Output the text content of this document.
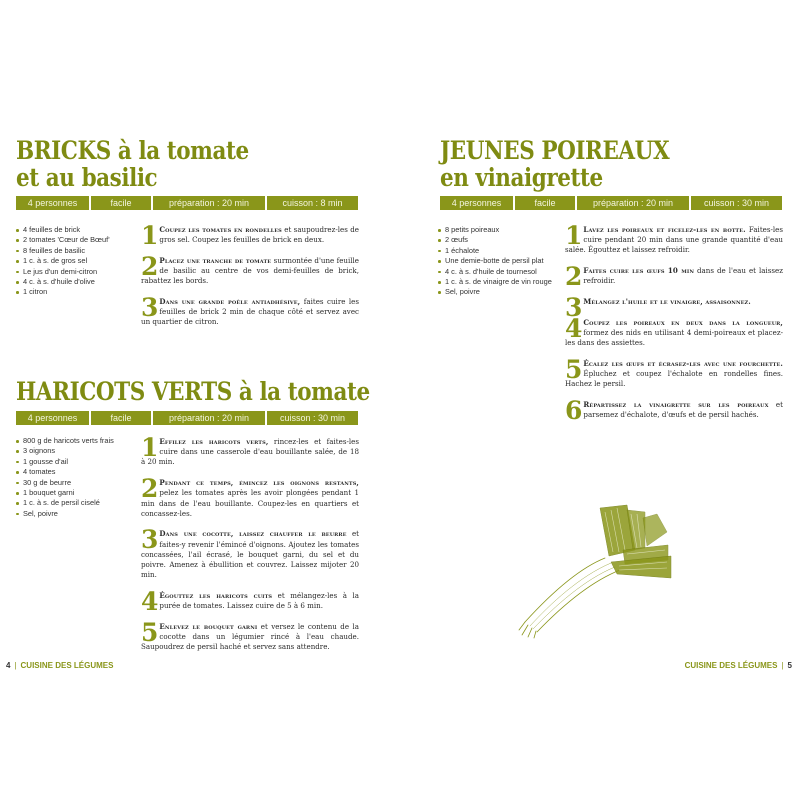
BRICKS à la tomate
et au basilic
4 personnes	facile	préparation : 20 min	cuisson : 8 min
4 feuilles de brick
2 tomates 'Cœur de Bœuf'
8 feuilles de basilic
1 c. à s. de gros sel
Le jus d'un demi-citron
4 c. à s. d'huile d'olive
1 citron
1 Coupez les tomates en rondelles et saupoudrez-les de gros sel. Coupez les feuilles de brick en deux.
2 Placez une tranche de tomate surmontée d'une feuille de basilic au centre de vos demi-feuilles de brick, rabattez les bords.
3 Dans une grande poêle antiadhésive, faites cuire les feuilles de brick 2 min de chaque côté et servez avec un quartier de citron.
HARICOTS VERTS à la tomate
4 personnes	facile	préparation : 20 min	cuisson : 30 min
800 g de haricots verts frais
3 oignons
1 gousse d'ail
4 tomates
30 g de beurre
1 bouquet garni
1 c. à s. de persil ciselé
Sel, poivre
1 Effilez les haricots verts, rincez-les et faites-les cuire dans une casserole d'eau bouillante salée, de 18 à 20 min.
2 Pendant ce temps, émincez les oignons restants, pelez les tomates après les avoir plongées pendant 1 min dans de l'eau bouillante. Coupez-les en quartiers et concassez-les.
3 Dans une cocotte, laissez chauffer le beurre et faites-y revenir l'émincé d'oignons. Ajoutez les tomates concassées, l'ail écrasé, le bouquet garni, du sel et du poivre. Amenez à ébullition et couvrez. Laissez mijoter 20 min.
4 Égouttez les haricots cuits et mélangez-les à la purée de tomates. Laissez cuire de 5 à 6 min.
5 Enlevez le bouquet garni et versez le contenu de la cocotte dans un légumier rincé à l'eau chaude. Saupoudrez de persil haché et servez sans attendre.
4 | CUISINE DES LÉGUMES
JEUNES POIREAUX
en vinaigrette
4 personnes	facile	préparation : 20 min	cuisson : 30 min
8 petits poireaux
2 œufs
1 échalote
Une demie-botte de persil plat
4 c. à s. d'huile de tournesol
1 c. à s. de vinaigre de vin rouge
Sel, poivre
1 Lavez les poireaux et ficelez-les en botte. Faites-les cuire pendant 20 min dans une grande quantité d'eau salée. Égouttez et laissez refroidir.
2 Faites cuire les œufs 10 min dans de l'eau et laissez refroidir.
3 Mélangez l'huile et le vinaigre, assaisonnez.
4 Coupez les poireaux en deux dans la longueur, formez des nids en utilisant 4 demi-poireaux et placez-les dans des assiettes.
5 Écalez les œufs et écrasez-les avec une fourchette. Épluchez et coupez l'échalote en rondelles fines. Hachez le persil.
6 Répartissez la vinaigrette sur les poireaux et parsemez d'échalote, d'œufs et de persil hachés.
CUISINE DES LÉGUMES | 5
